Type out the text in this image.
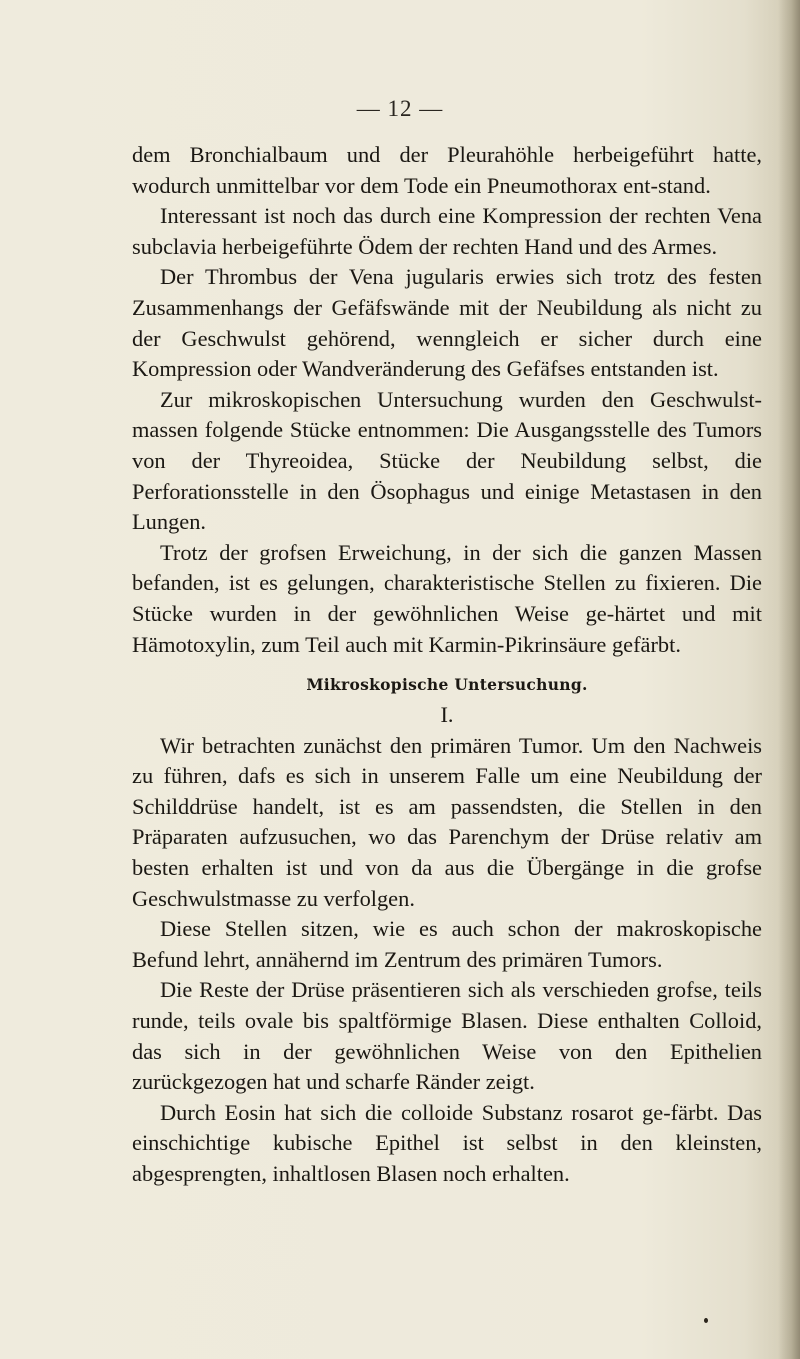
— 12 —

dem Bronchialbaum und der Pleurahöhle herbeigeführt hatte, wodurch unmittelbar vor dem Tode ein Pneumothorax ent-stand.

Interessant ist noch das durch eine Kompression der rechten Vena subclavia herbeigeführte Ödem der rechten Hand und des Armes.

Der Thrombus der Vena jugularis erwies sich trotz des festen Zusammenhangs der Gefäfswände mit der Neubildung als nicht zu der Geschwulst gehörend, wenngleich er sicher durch eine Kompression oder Wandveränderung des Gefäfses entstanden ist.

Zur mikroskopischen Untersuchung wurden den Geschwulst-massen folgende Stücke entnommen: Die Ausgangsstelle des Tumors von der Thyreoidea, Stücke der Neubildung selbst, die Perforationsstelle in den Ösophagus und einige Metastasen in den Lungen.

Trotz der grofsen Erweichung, in der sich die ganzen Massen befanden, ist es gelungen, charakteristische Stellen zu fixieren. Die Stücke wurden in der gewöhnlichen Weise ge-härtet und mit Hämotoxylin, zum Teil auch mit Karmin-Pikrinsäure gefärbt.

Mikroskopische Untersuchung.
I.

Wir betrachten zunächst den primären Tumor. Um den Nachweis zu führen, dafs es sich in unserem Falle um eine Neubildung der Schilddrüse handelt, ist es am passendsten, die Stellen in den Präparaten aufzusuchen, wo das Parenchym der Drüse relativ am besten erhalten ist und von da aus die Übergänge in die grofse Geschwulstmasse zu verfolgen.

Diese Stellen sitzen, wie es auch schon der makroskopische Befund lehrt, annähernd im Zentrum des primären Tumors.

Die Reste der Drüse präsentieren sich als verschieden grofse, teils runde, teils ovale bis spaltförmige Blasen. Diese enthalten Colloid, das sich in der gewöhnlichen Weise von den Epithelien zurückgezogen hat und scharfe Ränder zeigt.

Durch Eosin hat sich die colloide Substanz rosarot ge-färbt. Das einschichtige kubische Epithel ist selbst in den kleinsten, abgesprengten, inhaltlosen Blasen noch erhalten.
